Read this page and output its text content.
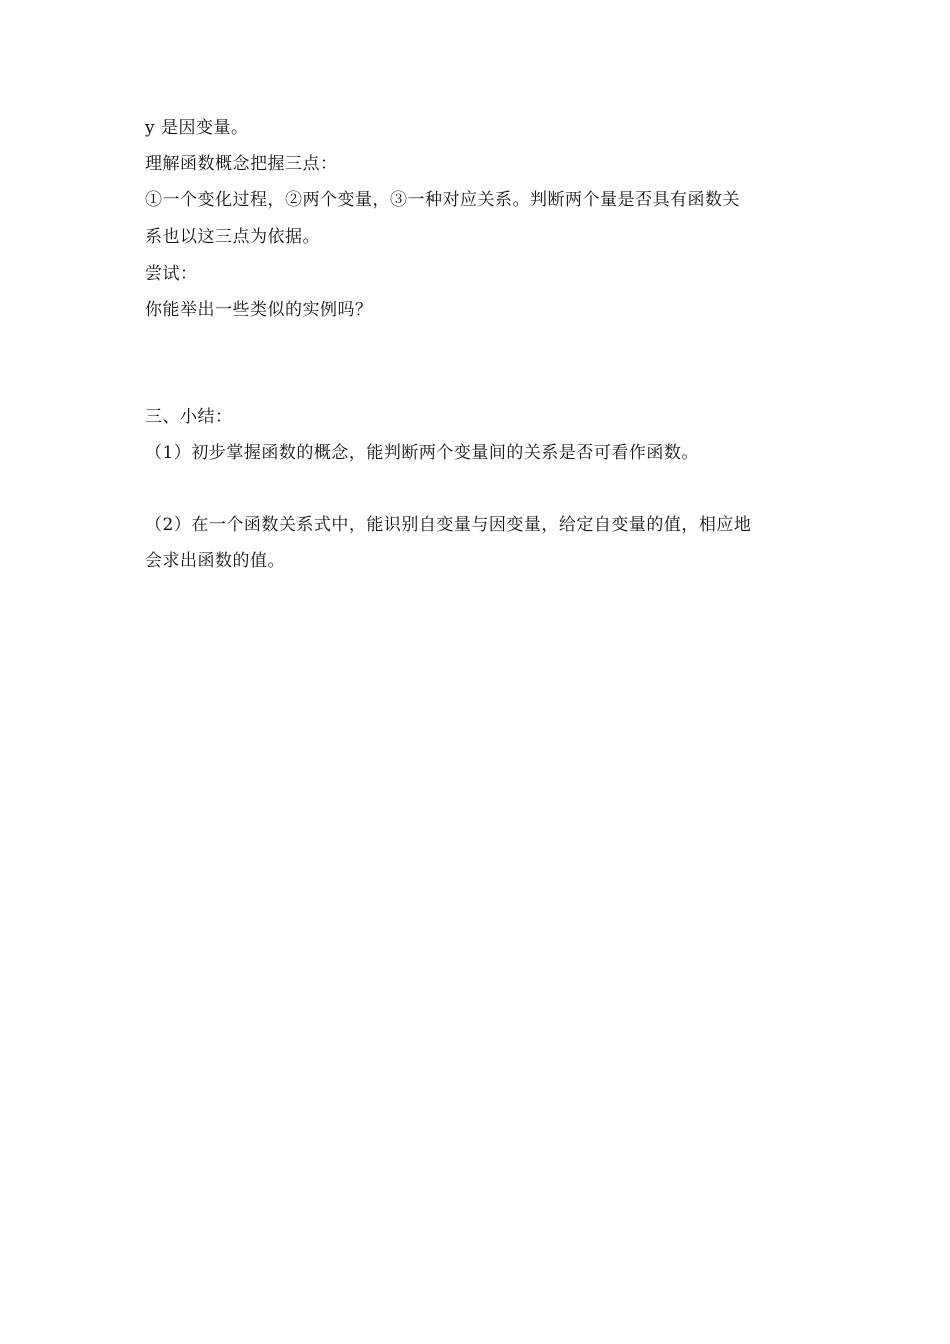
y 是因变量。
理解函数概念把握三点：
①一个变化过程，②两个变量，③一种对应关系。判断两个量是否具有函数关
系也以这三点为依据。
尝试：
你能举出一些类似的实例吗？
三、小结：
（1）初步掌握函数的概念，能判断两个变量间的关系是否可看作函数。
（2）在一个函数关系式中，能识别自变量与因变量，给定自变量的值，相应地
会求出函数的值。
